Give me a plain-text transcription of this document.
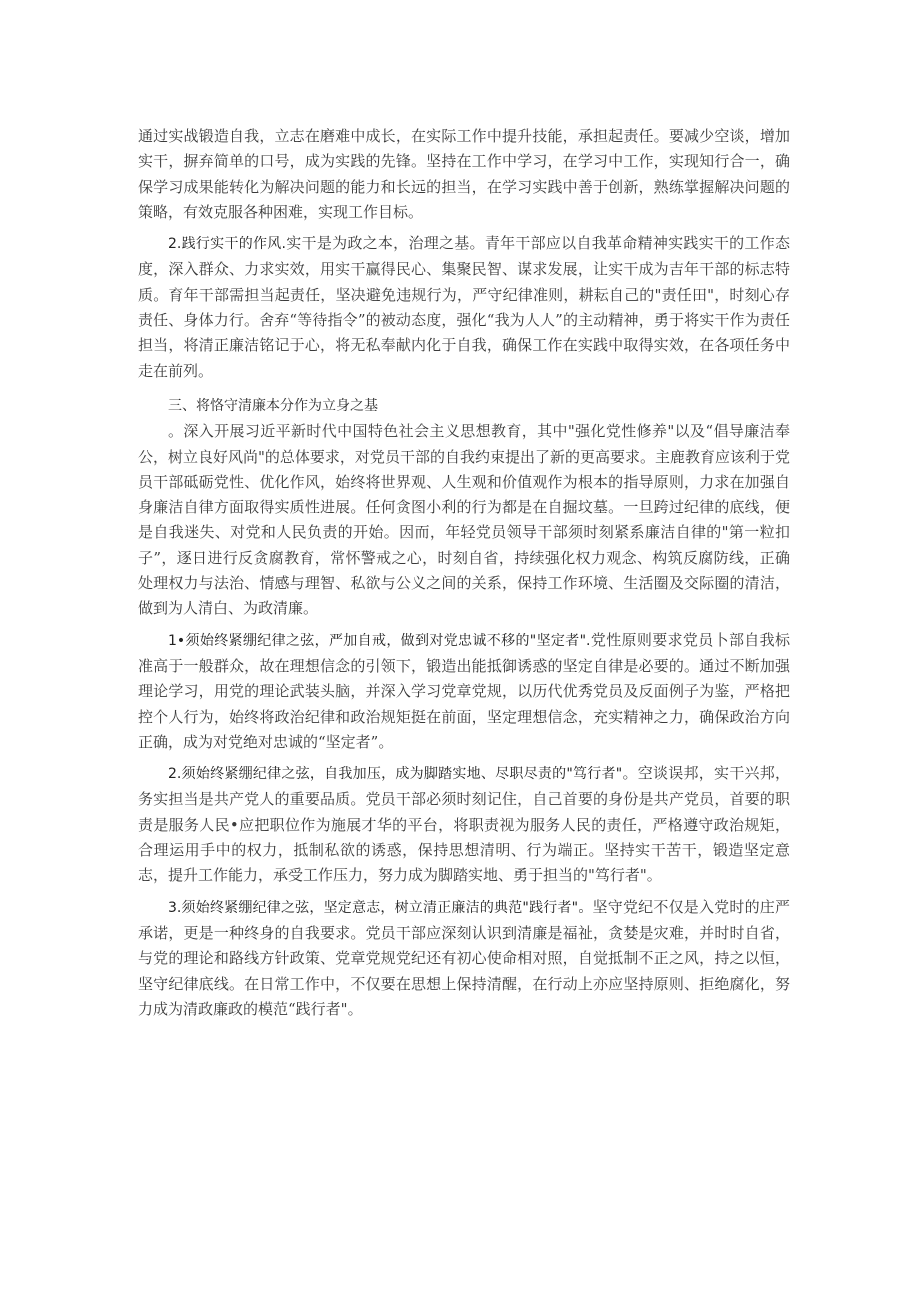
通过实战锻造自我，立志在磨难中成长，在实际工作中提升技能，承担起责任。要减少空谈，增加实干，摒弃简单的口号，成为实践的先锋。坚持在工作中学习，在学习中工作，实现知行合一，确保学习成果能转化为解决问题的能力和长远的担当，在学习实践中善于创新，熟练掌握解决问题的策略，有效克服各种困难，实现工作目标。

2.践行实干的作风.实干是为政之本，治理之基。青年干部应以自我革命精神实践实干的工作态度，深入群众、力求实效，用实干赢得民心、集聚民智、谋求发展，让实干成为吉年干部的标志特质。育年干部需担当起责任，坚决避免违规行为，严守纪律准则，耕耘自己的"责任田"，时刻心存责任、身体力行。舍弃“等待指令”的被动态度，强化“我为人人”的主动精神，勇于将实干作为责任担当，将清正廉洁铭记于心，将无私奉献内化于自我，确保工作在实践中取得实效，在各项任务中走在前列。

三、将恪守清廉本分作为立身之基

。深入开展习近平新时代中国特色社会主义思想教育，其中"强化党性修养"以及“倡导廉洁奉公，树立良好风尚"的总体要求，对党员干部的自我约束提出了新的更高要求。主鹿教育应该利于党员干部砥砺党性、优化作风，始终将世界观、人生观和价值观作为根本的指导原则，力求在加强自身廉洁自律方面取得实质性进展。任何贪图小利的行为都是在自掘坟墓。一旦跨过纪律的底线，便是自我迷失、对党和人民负责的开始。因而，年轻党员领导干部须时刻紧系廉洁自律的"第一粒扣子”，逐日进行反贪腐教育，常怀警戒之心，时刻自省，持续强化权力观念、构筑反腐防线，正确处理权力与法治、情感与理智、私欲与公义之间的关系，保持工作环境、生活圈及交际圈的清洁，做到为人清白、为政清廉。

1•须始终紧绷纪律之弦，严加自戒，做到对党忠诚不移的"坚定者".党性原则要求党员卜部自我标准高于一般群众，故在理想信念的引领下，锻造出能抵御诱惑的坚定自律是必要的。通过不断加强理论学习，用党的理论武装头脑，并深入学习党章党规，以历代优秀党员及反面例子为鉴，严格把控个人行为，始终将政治纪律和政治规矩挺在前面，坚定理想信念，充实精神之力，确保政治方向正确，成为对党绝对忠诚的“坚定者”。

2.须始终紧绷纪律之弦，自我加压，成为脚踏实地、尽职尽责的"笃行者"。空谈误邦，实干兴邦，务实担当是共产党人的重要品质。党员干部必须时刻记住，自己首要的身份是共产党员，首要的职责是服务人民•应把职位作为施展才华的平台，将职责视为服务人民的责任，严格遵守政治规矩，合理运用手中的权力，抵制私欲的诱惑，保持思想清明、行为端正。坚持实干苦干，锻造坚定意志，提升工作能力，承受工作压力，努力成为脚踏实地、勇于担当的"笃行者"。

3.须始终紧绷纪律之弦，坚定意志，树立清正廉洁的典范"践行者"。坚守党纪不仅是入党时的庄严承诺，更是一种终身的自我要求。党员干部应深刻认识到清廉是福祉，贪婪是灾难，并时时自省，与党的理论和路线方针政策、党章党规党纪还有初心使命相对照，自觉抵制不正之风，持之以恒，坚守纪律底线。在日常工作中，不仅要在思想上保持清醒，在行动上亦应坚持原则、拒绝腐化，努力成为清政廉政的模范“践行者"。
